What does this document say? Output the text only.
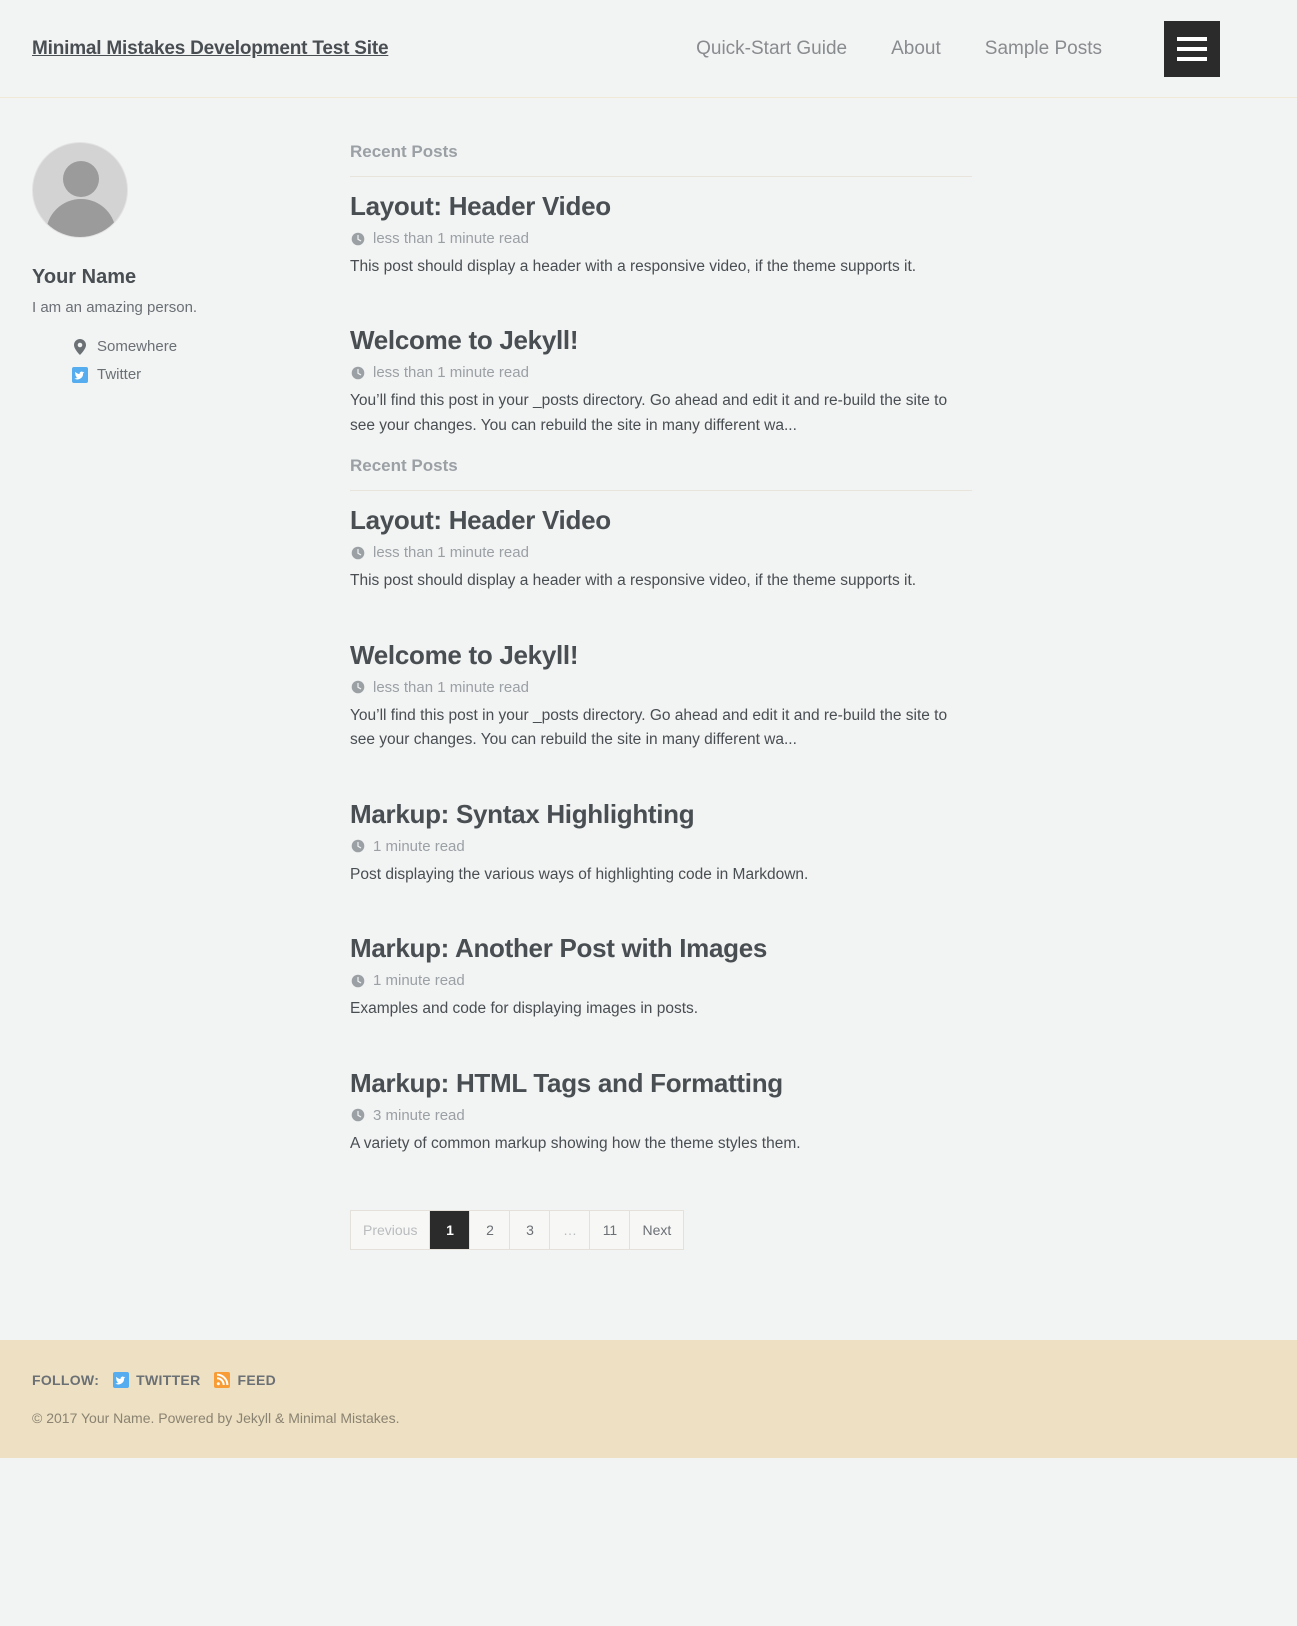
Minimal Mistakes Development Test Site	Quick-Start Guide	About	Sample Posts
Your Name

I am an amazing person.

Somewhere
Twitter
Recent Posts
Layout: Header Video

less than 1 minute read

This post should display a header with a responsive video, if the theme supports it.

Welcome to Jekyll!

less than 1 minute read

You’ll find this post in your _posts directory. Go ahead and edit it and re-build the site to see your changes. You can rebuild the site in many different wa...

Recent Posts
Layout: Header Video

less than 1 minute read

This post should display a header with a responsive video, if the theme supports it.

Welcome to Jekyll!

less than 1 minute read

You’ll find this post in your _posts directory. Go ahead and edit it and re-build the site to see your changes. You can rebuild the site in many different wa...

Markup: Syntax Highlighting

1 minute read

Post displaying the various ways of highlighting code in Markdown.

Markup: Another Post with Images

1 minute read

Examples and code for displaying images in posts.

Markup: HTML Tags and Formatting

3 minute read

A variety of common markup showing how the theme styles them.

Previous	1	2	3	…	11	Next
FOLLOW:	TWITTER	FEED
© 2017 Your Name. Powered by Jekyll & Minimal Mistakes.
